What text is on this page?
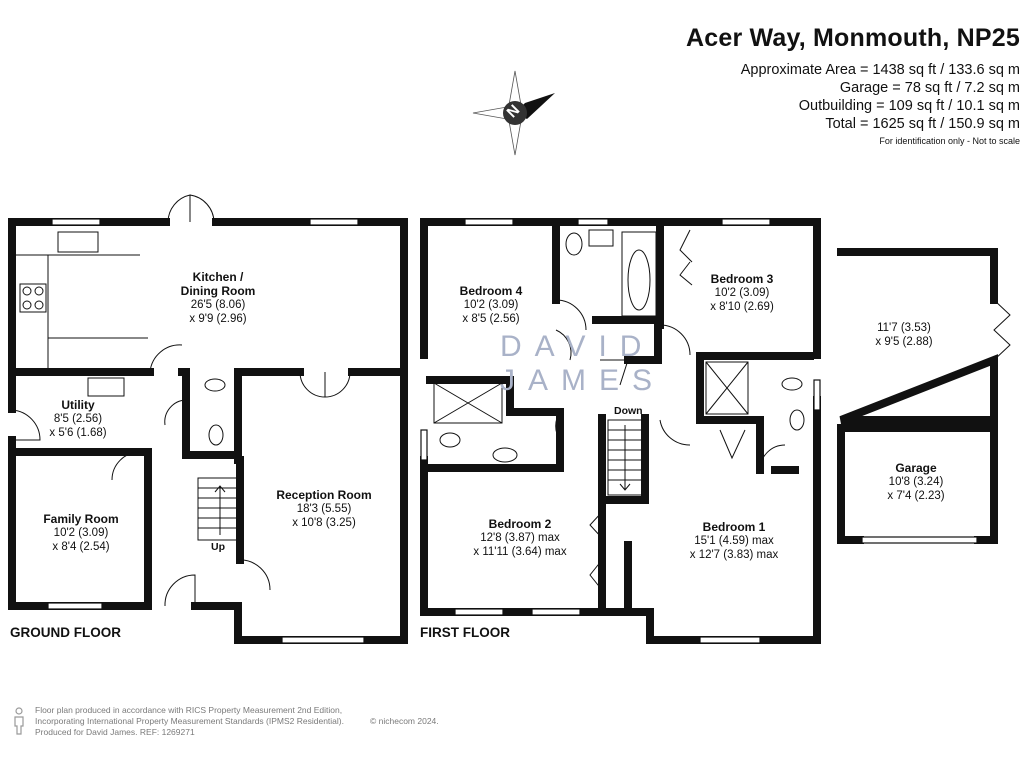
Acer Way, Monmouth, NP25
Approximate Area = 1438 sq ft / 133.6 sq m
Garage = 78 sq ft / 7.2 sq m
Outbuilding = 109 sq ft / 10.1 sq m
Total = 1625 sq ft / 150.9 sq m
For identification only - Not to scale
N
DAVID
JAMES
GROUND FLOOR	FIRST FLOOR
Up
Down
Kitchen /
Dining Room
26'5 (8.06)
x 9'9 (2.96)
Utility
8'5 (2.56)
x 5'6 (1.68)
Family Room
10'2 (3.09)
x 8'4 (2.54)
Reception Room
18'3 (5.55)
x 10'8 (3.25)
Bedroom 4
10'2 (3.09)
x 8'5 (2.56)
Bedroom 3
10'2 (3.09)
x 8'10 (2.69)
Bedroom 2
12'8 (3.87) max
x 11'11 (3.64) max
Bedroom 1
15'1 (4.59) max
x 12'7 (3.83) max
11'7 (3.53)
x 9'5 (2.88)
Garage
10'8 (3.24)
x 7'4 (2.23)
Floor plan produced in accordance with RICS Property Measurement 2nd Edition,
Incorporating International Property Measurement Standards (IPMS2 Residential).
Produced for David James. REF: 1269271
© nichecom 2024.
